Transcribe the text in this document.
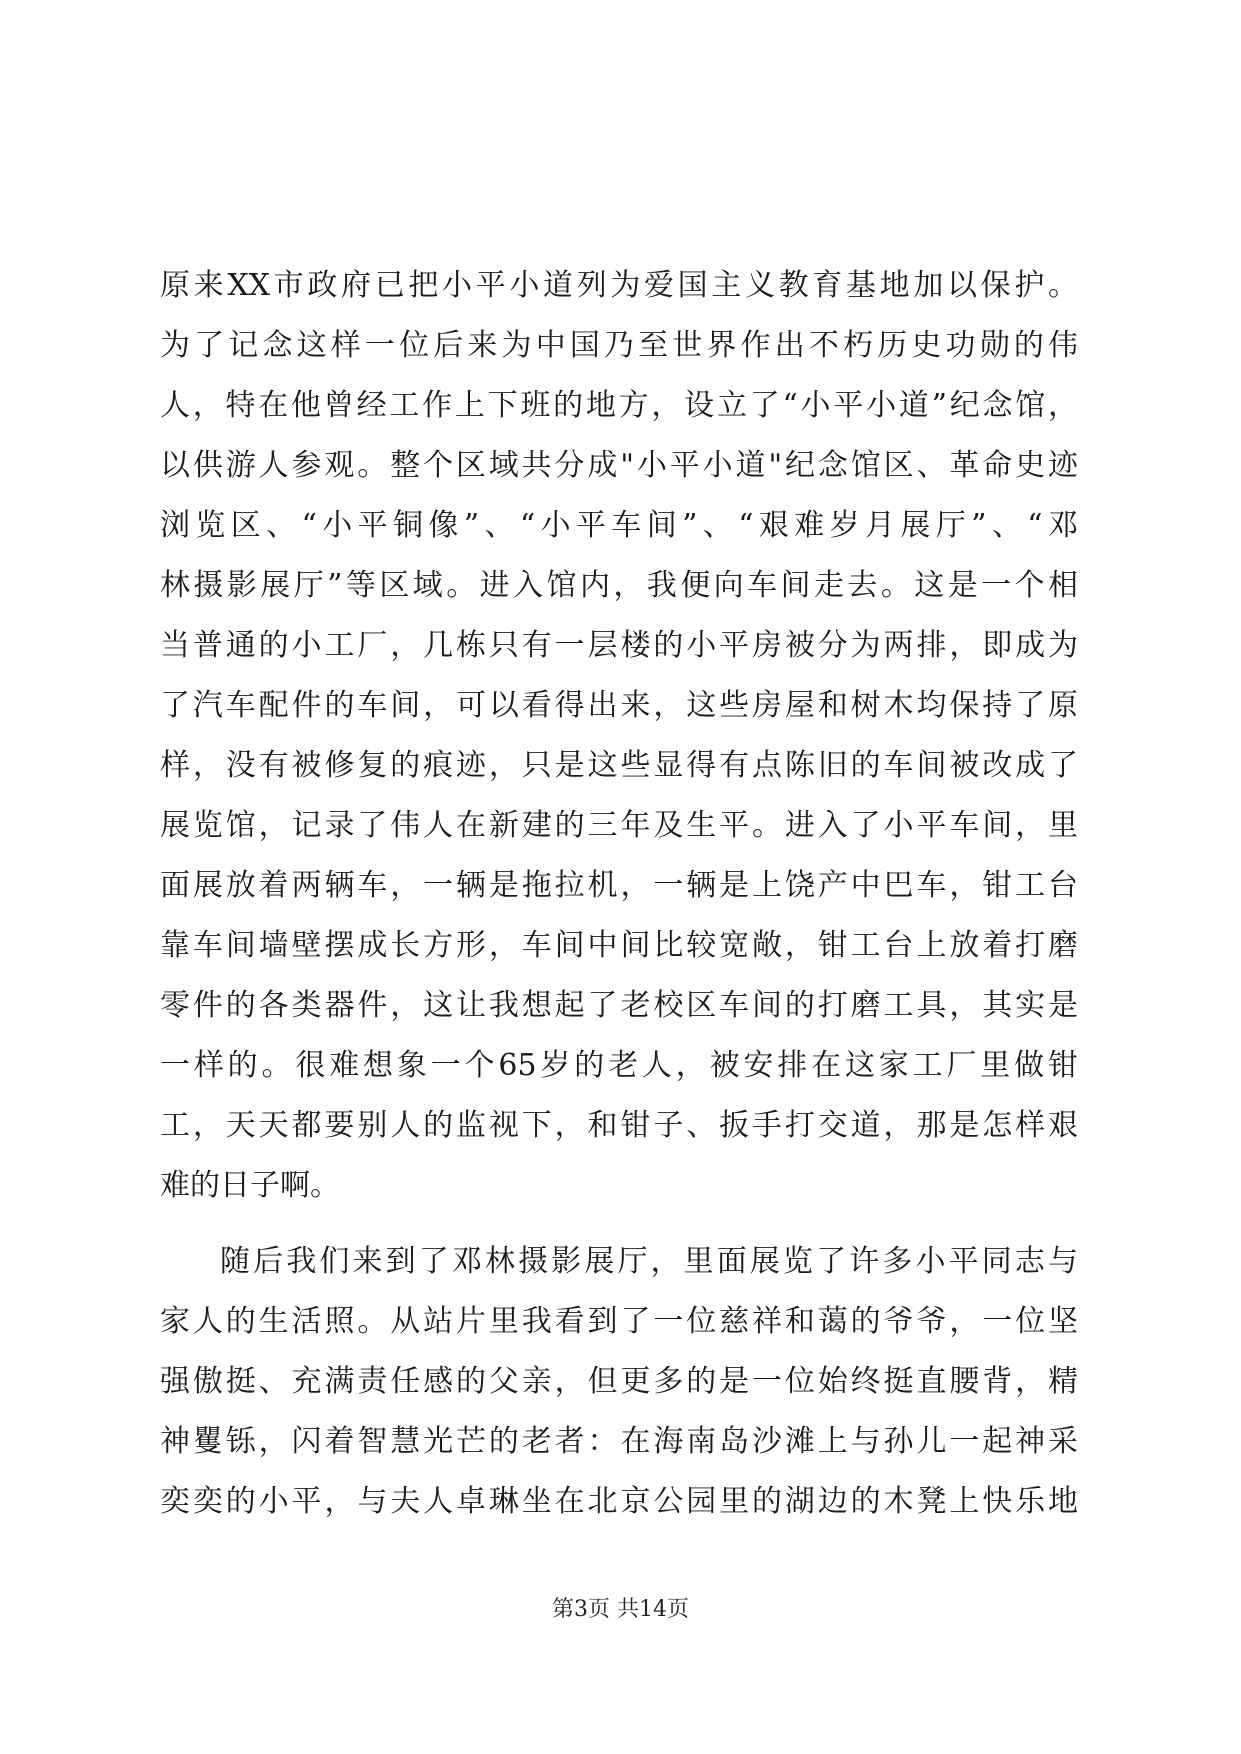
原来XX市政府已把小平小道列为爱国主义教育基地加以保护。
为了记念这样一位后来为中国乃至世界作出不朽历史功勋的伟
人，特在他曾经工作上下班的地方，设立了“小平小道”纪念馆，
以供游人参观。整个区域共分成"小平小道"纪念馆区、革命史迹
浏览区、“小平铜像”、“小平车间”、“艰难岁月展厅”、“邓
林摄影展厅”等区域。进入馆内，我便向车间走去。这是一个相
当普通的小工厂，几栋只有一层楼的小平房被分为两排，即成为
了汽车配件的车间，可以看得出来，这些房屋和树木均保持了原
样，没有被修复的痕迹，只是这些显得有点陈旧的车间被改成了
展览馆，记录了伟人在新建的三年及生平。进入了小平车间，里
面展放着两辆车，一辆是拖拉机，一辆是上饶产中巴车，钳工台
靠车间墙壁摆成长方形，车间中间比较宽敞，钳工台上放着打磨
零件的各类器件，这让我想起了老校区车间的打磨工具，其实是
一样的。很难想象一个65岁的老人，被安排在这家工厂里做钳
工，天天都要别人的监视下，和钳子、扳手打交道，那是怎样艰
难的日子啊。
随后我们来到了邓林摄影展厅，里面展览了许多小平同志与
家人的生活照。从站片里我看到了一位慈祥和蔼的爷爷，一位坚
强傲挺、充满责任感的父亲，但更多的是一位始终挺直腰背，精
神矍铄，闪着智慧光芒的老者：在海南岛沙滩上与孙儿一起神采
奕奕的小平，与夫人卓琳坐在北京公园里的湖边的木凳上快乐地
第3页 共14页
